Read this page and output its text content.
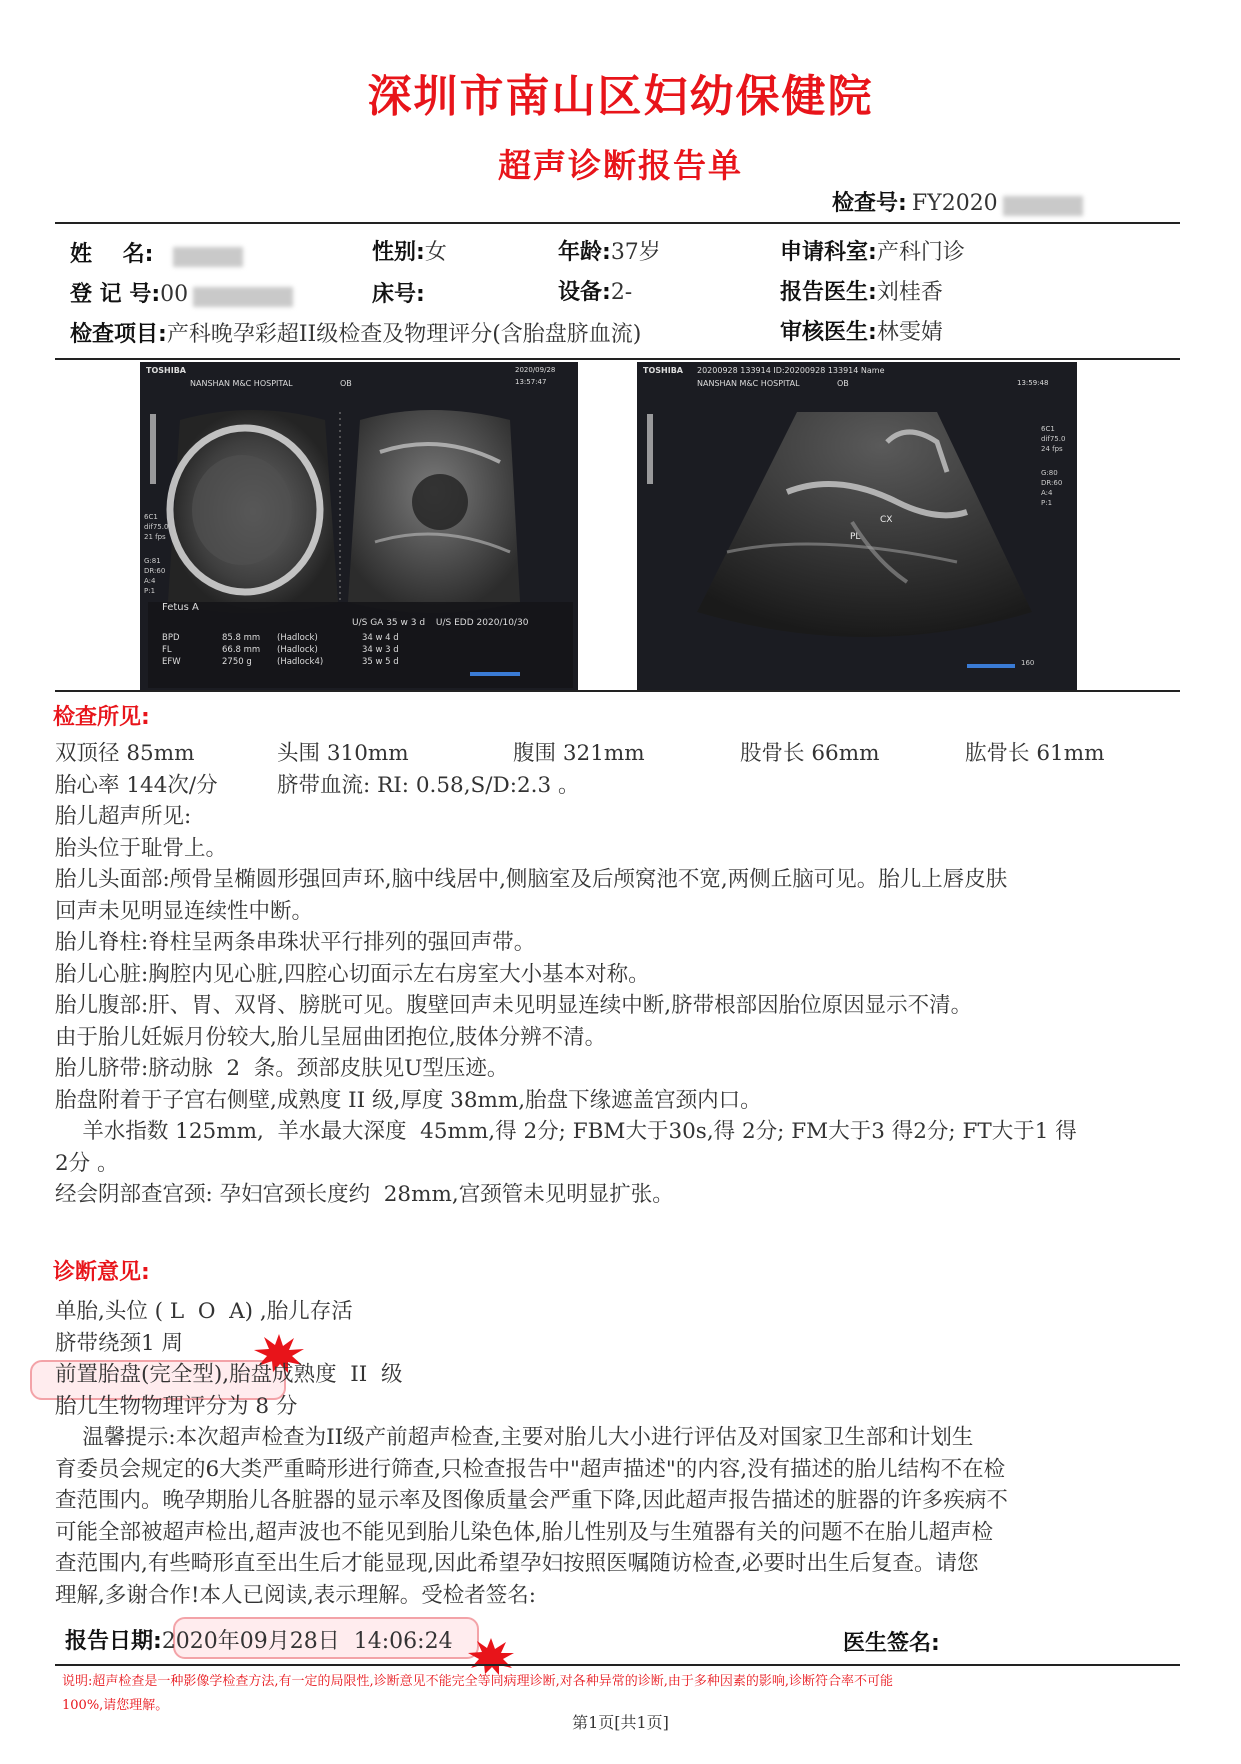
深圳市南山区妇幼保健院
超声诊断报告单
检查号: FY2020
姓    名:	性别:女	年龄:37岁	申请科室:产科门诊
登 记 号:00	床号:	设备:2-	报告医生:刘桂香
检查项目:产科晚孕彩超II级检查及物理评分(含胎盘脐血流)	审核医生:林雯婧
TOSHIBA
NANSHAN M&C HOSPITAL	OB
2020/09/28
13:57:47
Fetus A
U/S GA 35 w 3 d U/S EDD 2020/10/30
BPD	85.8 mm (Hadlock)	34 w 4 d
FL	66.8 mm (Hadlock)	34 w 3 d
EFW	2750 g	(Hadlock4)	35 w 5 d
6C1
dif75.0
21 fps
G:81
DR:60
A:4
P:1
TOSHIBA 20200928 133914 ID:20200928 133914 Name
NANSHAN M&C HOSPITAL	OB	13:59:48
CX
PL
6C1
dif75.0
24 fps
G:80
DR:60
A:4
P:1
160
检查所见:
双顶径 85mm	头围 310mm	腹围 321mm	股骨长 66mm	肱骨长 61mm
胎心率 144次/分	脐带血流: RI: 0.58,S/D:2.3 。
胎儿超声所见:
胎头位于耻骨上。
胎儿头面部:颅骨呈椭圆形强回声环,脑中线居中,侧脑室及后颅窝池不宽,两侧丘脑可见。胎儿上唇皮肤
回声未见明显连续性中断。
胎儿脊柱:脊柱呈两条串珠状平行排列的强回声带。
胎儿心脏:胸腔内见心脏,四腔心切面示左右房室大小基本对称。
胎儿腹部:肝、胃、双肾、膀胱可见。腹壁回声未见明显连续中断,脐带根部因胎位原因显示不清。
由于胎儿妊娠月份较大,胎儿呈屈曲团抱位,肢体分辨不清。
胎儿脐带:脐动脉  2  条。颈部皮肤见U型压迹。
胎盘附着于子宫右侧壁,成熟度 II 级,厚度 38mm,胎盘下缘遮盖宫颈内口。
羊水指数 125mm,  羊水最大深度  45mm,得 2分; FBM大于30s,得 2分; FM大于3 得2分; FT大于1 得
2分 。
经会阴部查宫颈: 孕妇宫颈长度约  28mm,宫颈管未见明显扩张。
诊断意见:
单胎,头位 ( L  O  A) ,胎儿存活
脐带绕颈1 周
前置胎盘(完全型),胎盘成熟度  II  级
胎儿生物物理评分为 8 分
温馨提示:本次超声检查为II级产前超声检查,主要对胎儿大小进行评估及对国家卫生部和计划生
育委员会规定的6大类严重畸形进行筛查,只检查报告中"超声描述"的内容,没有描述的胎儿结构不在检
查范围内。晚孕期胎儿各脏器的显示率及图像质量会严重下降,因此超声报告描述的脏器的许多疾病不
可能全部被超声检出,超声波也不能见到胎儿染色体,胎儿性别及与生殖器有关的问题不在胎儿超声检
查范围内,有些畸形直至出生后才能显现,因此希望孕妇按照医嘱随访检查,必要时出生后复查。请您
理解,多谢合作!本人已阅读,表示理解。受检者签名:
报告日期:2020年09月28日  14:06:24	医生签名:
说明:超声检查是一种影像学检查方法,有一定的局限性,诊断意见不能完全等同病理诊断,对各种异常的诊断,由于多种因素的影响,诊断符合率不可能
100%,请您理解。
第1页[共1页]
